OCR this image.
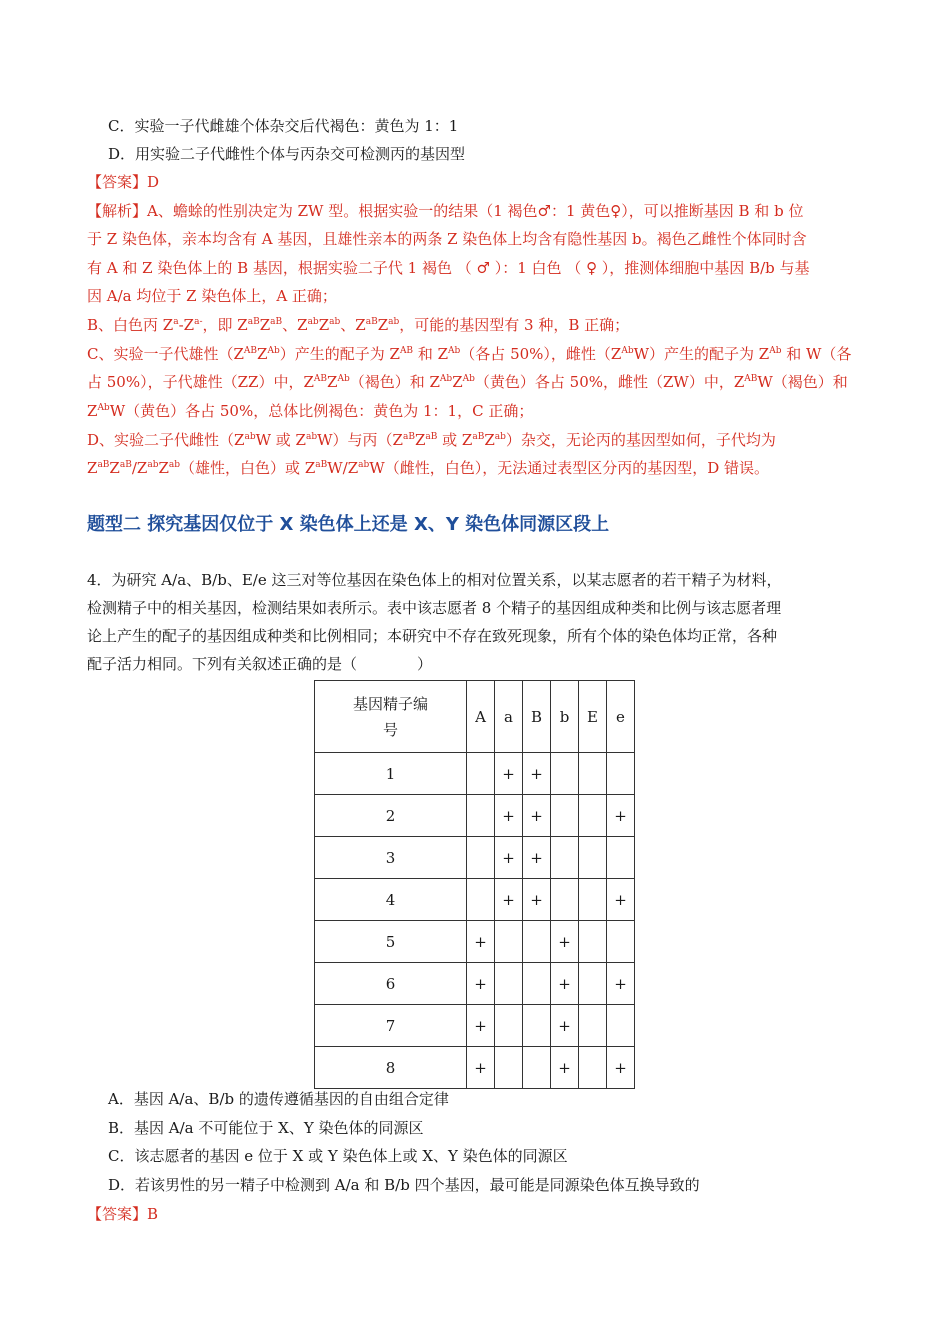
C．实验一子代雌雄个体杂交后代褐色：黄色为 1：1
D．用实验二子代雌性个体与丙杂交可检测丙的基因型
【答案】D
【解析】A、蟾蜍的性别决定为 ZW 型。根据实验一的结果（1 褐色♂：1 黄色♀），可以推断基因 B 和 b 位
于 Z 染色体，亲本均含有 A 基因，且雄性亲本的两条 Z 染色体上均含有隐性基因 b。褐色乙雌性个体同时含
有 A 和 Z 染色体上的 B 基因，根据实验二子代 1 褐色 （ ♂ ）：1 白色 （ ♀ ），推测体细胞中基因 B/b 与基
因 A/a 均位于 Z 染色体上，A 正确；
B、白色丙 $Z^a-Z^{a-}$，即 $Z^{aB}Z^{aB}$、$Z^{ab}Z^{ab}$、$Z^{aB}Z^{ab}$，可能的基因型有 3 种，B 正确；
C、实验一子代雄性$(Z^{AB}Z^{Ab})$产生的配子为 $Z^{AB}$ 和 $Z^{Ab}$（各占 50%），雌性$(Z^{Ab}W)$产生的配子为 $Z^{Ab}$ 和 W（各
占 50%），子代雄性（ZZ）中，$Z^{AB}Z^{Ab}$（褐色）和 $Z^{Ab}Z^{Ab}$（黄色）各占 50%，雌性（ZW）中，$Z^{AB}W$（褐色）和
$Z^{Ab}W$（黄色）各占 50%，总体比例褐色：黄色为 1：1，C 正确；
D、实验二子代雌性（$Z^{ab}W$ 或 $Z^{ab}W$）与丙（$Z^{aB}Z^{aB}$ 或 $Z^{aB}Z^{ab}$）杂交，无论丙的基因型如何，子代均为
$Z^{aB}Z^{aB}/Z^{ab}Z^{ab}$（雄性，白色）或 $Z^{aB}W/Z^{ab}W$（雌性，白色），无法通过表型区分丙的基因型，D 错误。
题型二 探究基因仅位于 X 染色体上还是 X、Y 染色体同源区段上
4．为研究 A/a、B/b、E/e 这三对等位基因在染色体上的相对位置关系，以某志愿者的若干精子为材料，
检测精子中的相关基因，检测结果如表所示。表中该志愿者 8 个精子的基因组成种类和比例与该志愿者理
论上产生的配子的基因组成种类和比例相同；本研究中不存在致死现象，所有个体的染色体均正常，各种
配子活力相同。下列有关叙述正确的是（　　　　）
基因精子编
号	A	a	B	b	E	e
1		+	+			
2		+	+			+
3		+	+			
4		+	+			+
5	+			+		
6	+			+		+
7	+			+		
8	+			+		+
A．基因 A/a、B/b 的遗传遵循基因的自由组合定律
B．基因 A/a 不可能位于 X、Y 染色体的同源区
C．该志愿者的基因 e 位于 X 或 Y 染色体上或 X、Y 染色体的同源区
D．若该男性的另一精子中检测到 A/a 和 B/b 四个基因，最可能是同源染色体互换导致的
【答案】B
